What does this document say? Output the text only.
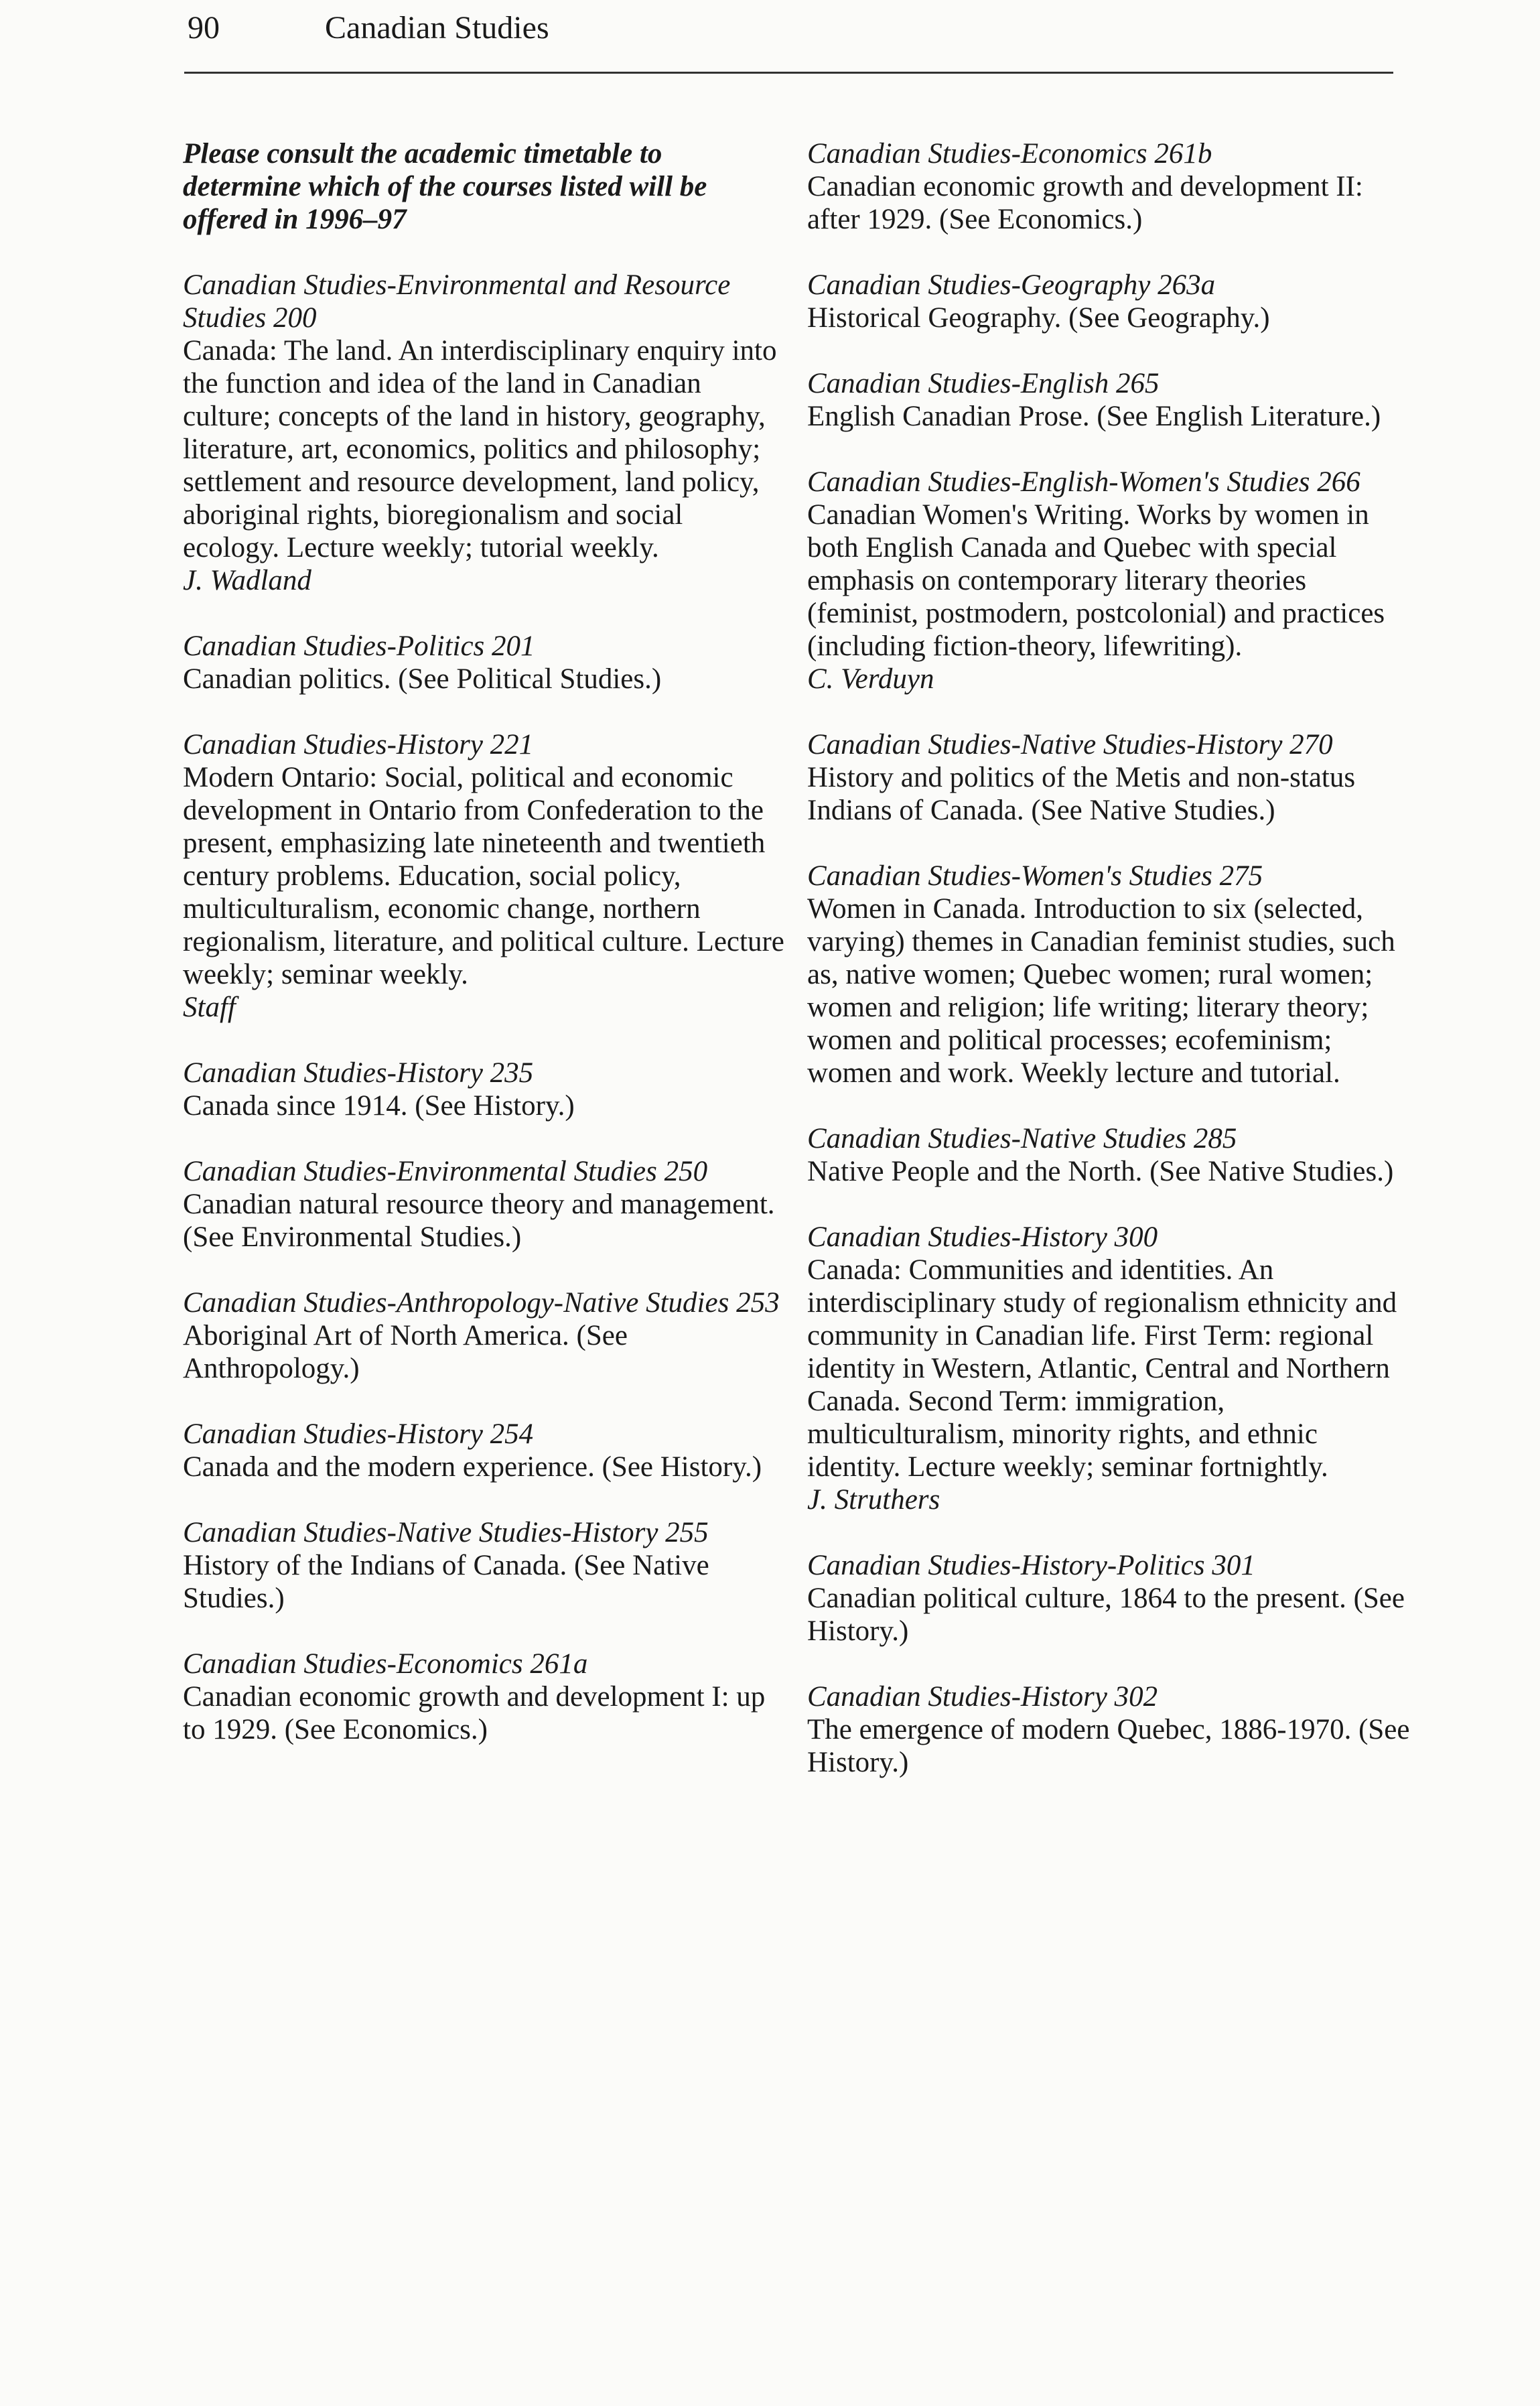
90	Canadian Studies
Please consult the academic timetable to determine which of the courses listed will be offered in 1996–97
Canadian Studies-Environmental and Resource Studies 200
Canada: The land. An interdisciplinary enquiry into the function and idea of the land in Canadian culture; concepts of the land in history, geography, literature, art, economics, politics and philosophy; settlement and resource development, land policy, aboriginal rights, bioregionalism and social ecology. Lecture weekly; tutorial weekly.
J. Wadland
Canadian Studies-Politics 201
Canadian politics. (See Political Studies.)
Canadian Studies-History 221
Modern Ontario: Social, political and economic development in Ontario from Confederation to the present, emphasizing late nineteenth and twentieth century problems. Education, social policy, multiculturalism, economic change, northern regionalism, literature, and political culture. Lecture weekly; seminar weekly.
Staff
Canadian Studies-History 235
Canada since 1914. (See History.)
Canadian Studies-Environmental Studies 250
Canadian natural resource theory and management. (See Environmental Studies.)
Canadian Studies-Anthropology-Native Studies 253
Aboriginal Art of North America. (See Anthropology.)
Canadian Studies-History 254
Canada and the modern experience. (See History.)
Canadian Studies-Native Studies-History 255
History of the Indians of Canada. (See Native Studies.)
Canadian Studies-Economics 261a
Canadian economic growth and development I: up to 1929. (See Economics.)
Canadian Studies-Economics 261b
Canadian economic growth and development II: after 1929. (See Economics.)
Canadian Studies-Geography 263a
Historical Geography. (See Geography.)
Canadian Studies-English 265
English Canadian Prose. (See English Literature.)
Canadian Studies-English-Women's Studies 266
Canadian Women's Writing. Works by women in both English Canada and Quebec with special emphasis on contemporary literary theories (feminist, postmodern, postcolonial) and practices (including fiction-theory, lifewriting).
C. Verduyn
Canadian Studies-Native Studies-History 270
History and politics of the Metis and non-status Indians of Canada. (See Native Studies.)
Canadian Studies-Women's Studies 275
Women in Canada. Introduction to six (selected, varying) themes in Canadian feminist studies, such as, native women; Quebec women; rural women; women and religion; life writing; literary theory; women and political processes; ecofeminism; women and work. Weekly lecture and tutorial.
Canadian Studies-Native Studies 285
Native People and the North. (See Native Studies.)
Canadian Studies-History 300
Canada: Communities and identities. An interdisciplinary study of regionalism ethnicity and community in Canadian life. First Term: regional identity in Western, Atlantic, Central and Northern Canada. Second Term: immigration, multiculturalism, minority rights, and ethnic identity. Lecture weekly; seminar fortnightly.
J. Struthers
Canadian Studies-History-Politics 301
Canadian political culture, 1864 to the present. (See History.)
Canadian Studies-History 302
The emergence of modern Quebec, 1886-1970. (See History.)
